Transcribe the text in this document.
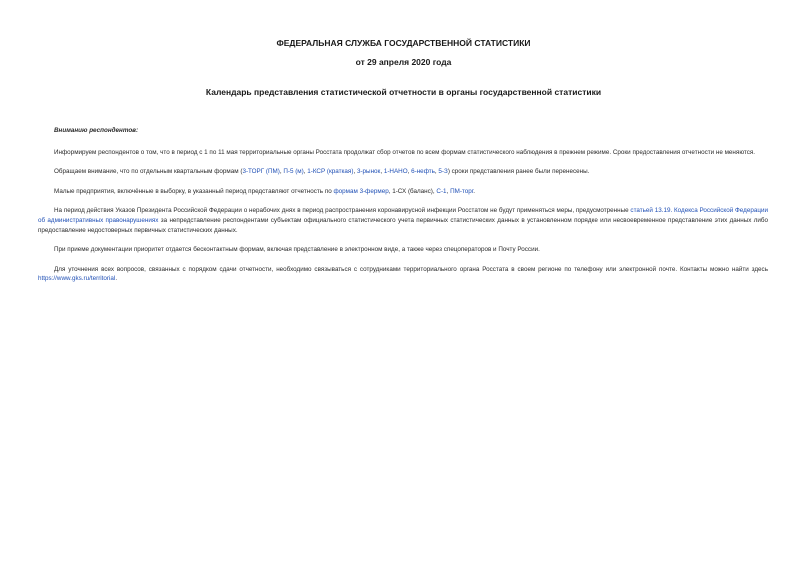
ФЕДЕРАЛЬНАЯ СЛУЖБА ГОСУДАРСТВЕННОЙ СТАТИСТИКИ
от 29 апреля 2020 года
Календарь представления статистической отчетности в органы государственной статистики

Вниманию респондентов:

Информируем респондентов о том, что в период с 1 по 11 мая территориальные органы Росстата продолжат сбор отчетов по всем формам статистического наблюдения в прежнем режиме. Сроки предоставления отчетности не меняются.

Обращаем внимание, что по отдельным квартальным формам (3-ТОРГ (ПМ), П-5 (м), 1-КСР (краткая), 3-рынок, 1-НАНО, 6-нефть, 5-З) сроки представления ранее были перенесены.

Малые предприятия, включённые в выборку, в указанный период представляют отчетность по формам 3-фермер, 1-СХ (баланс), С-1, ПМ-торг.

На период действия Указов Президента Российской Федерации о нерабочих днях в период распространения коронавирусной инфекции Росстатом не будут применяться меры, предусмотренные статьей 13.19. Кодекса Российской Федерации об административных правонарушениях за непредставление респондентами субъектам официального статистического учета первичных статистических данных в установленном порядке или несвоевременное представление этих данных либо предоставление недостоверных первичных статистических данных.

При приеме документации приоритет отдается бесконтактным формам, включая представление в электронном виде, а также через спецоператоров и Почту России.

Для уточнения всех вопросов, связанных с порядком сдачи отчетности, необходимо связываться с сотрудниками территориального органа Росстата в своем регионе по телефону или электронной почте. Контакты можно найти здесь https://www.gks.ru/territorial.
